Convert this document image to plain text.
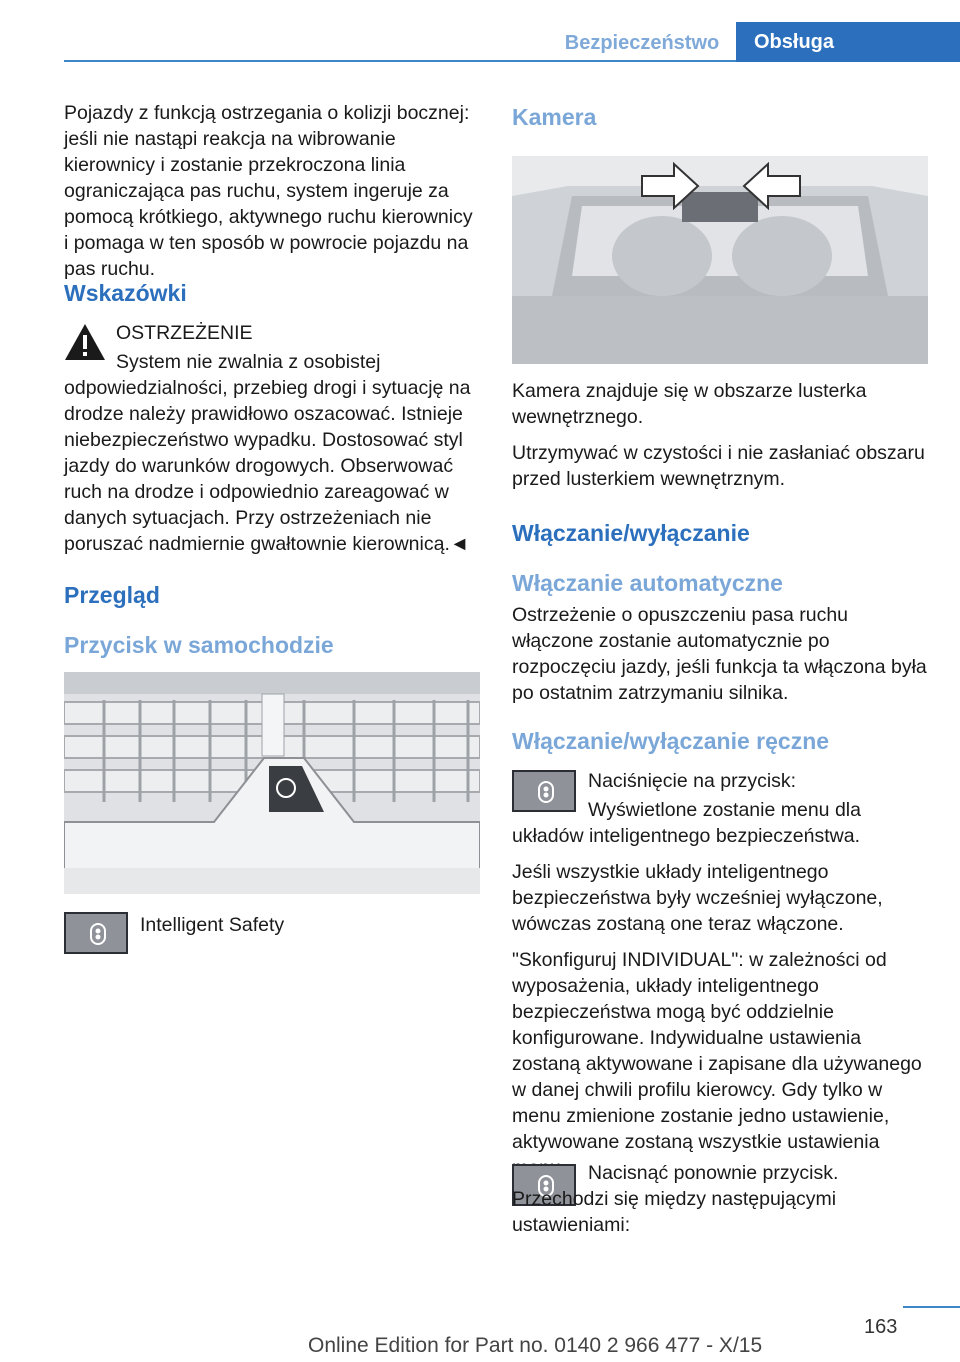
Bezpieczeństwo	Obsługa

Pojazdy z funkcją ostrzegania o kolizji bocznej: jeśli nie nastąpi reakcja na wibrowanie kierownicy i zostanie przekroczona linia ograniczająca pas ruchu, system ingeruje za pomocą krótkiego, aktywnego ruchu kierownicy i pomaga w ten sposób w powrocie pojazdu na pas ruchu.

Wskazówki

OSTRZEŻENIE

System nie zwalnia z osobistej odpowiedzialności, przebieg drogi i sytuację na drodze należy prawidłowo oszacować. Istnieje niebezpieczeństwo wypadku. Dostosować styl jazdy do warunków drogowych. Obserwować ruch na drodze i odpowiednio zareagować w danych sytuacjach. Przy ostrzeżeniach nie poruszać nadmiernie gwałtownie kierownicą.◄

Przegląd
Przycisk w samochodzie

Intelligent Safety

Kamera

Kamera znajduje się w obszarze lusterka wewnętrznego.

Utrzymywać w czystości i nie zasłaniać obszaru przed lusterkiem wewnętrznym.

Włączanie/wyłączanie
Włączanie automatyczne

Ostrzeżenie o opuszczeniu pasa ruchu włączone zostanie automatycznie po rozpoczęciu jazdy, jeśli funkcja ta włączona była po ostatnim zatrzymaniu silnika.

Włączanie/wyłączanie ręczne

Naciśnięcie na przycisk:

Wyświetlone zostanie menu dla układów inteligentnego bezpieczeństwa.

Jeśli wszystkie układy inteligentnego bezpieczeństwa były wcześniej wyłączone, wówczas zostaną one teraz włączone.

"Skonfiguruj INDIVIDUAL": w zależności od wyposażenia, układy inteligentnego bezpieczeństwa mogą być oddzielnie konfigurowane. Indywidualne ustawienia zostaną aktywowane i zapisane dla używanego w danej chwili profilu kierowcy. Gdy tylko w menu zmienione zostanie jedno ustawienie, aktywowane zostaną wszystkie ustawienia

Nacisnąć ponownie przycisk. Przechodzi się między następującymi ustawieniami:

163
Online Edition for Part no. 0140 2 966 477 - X/15
